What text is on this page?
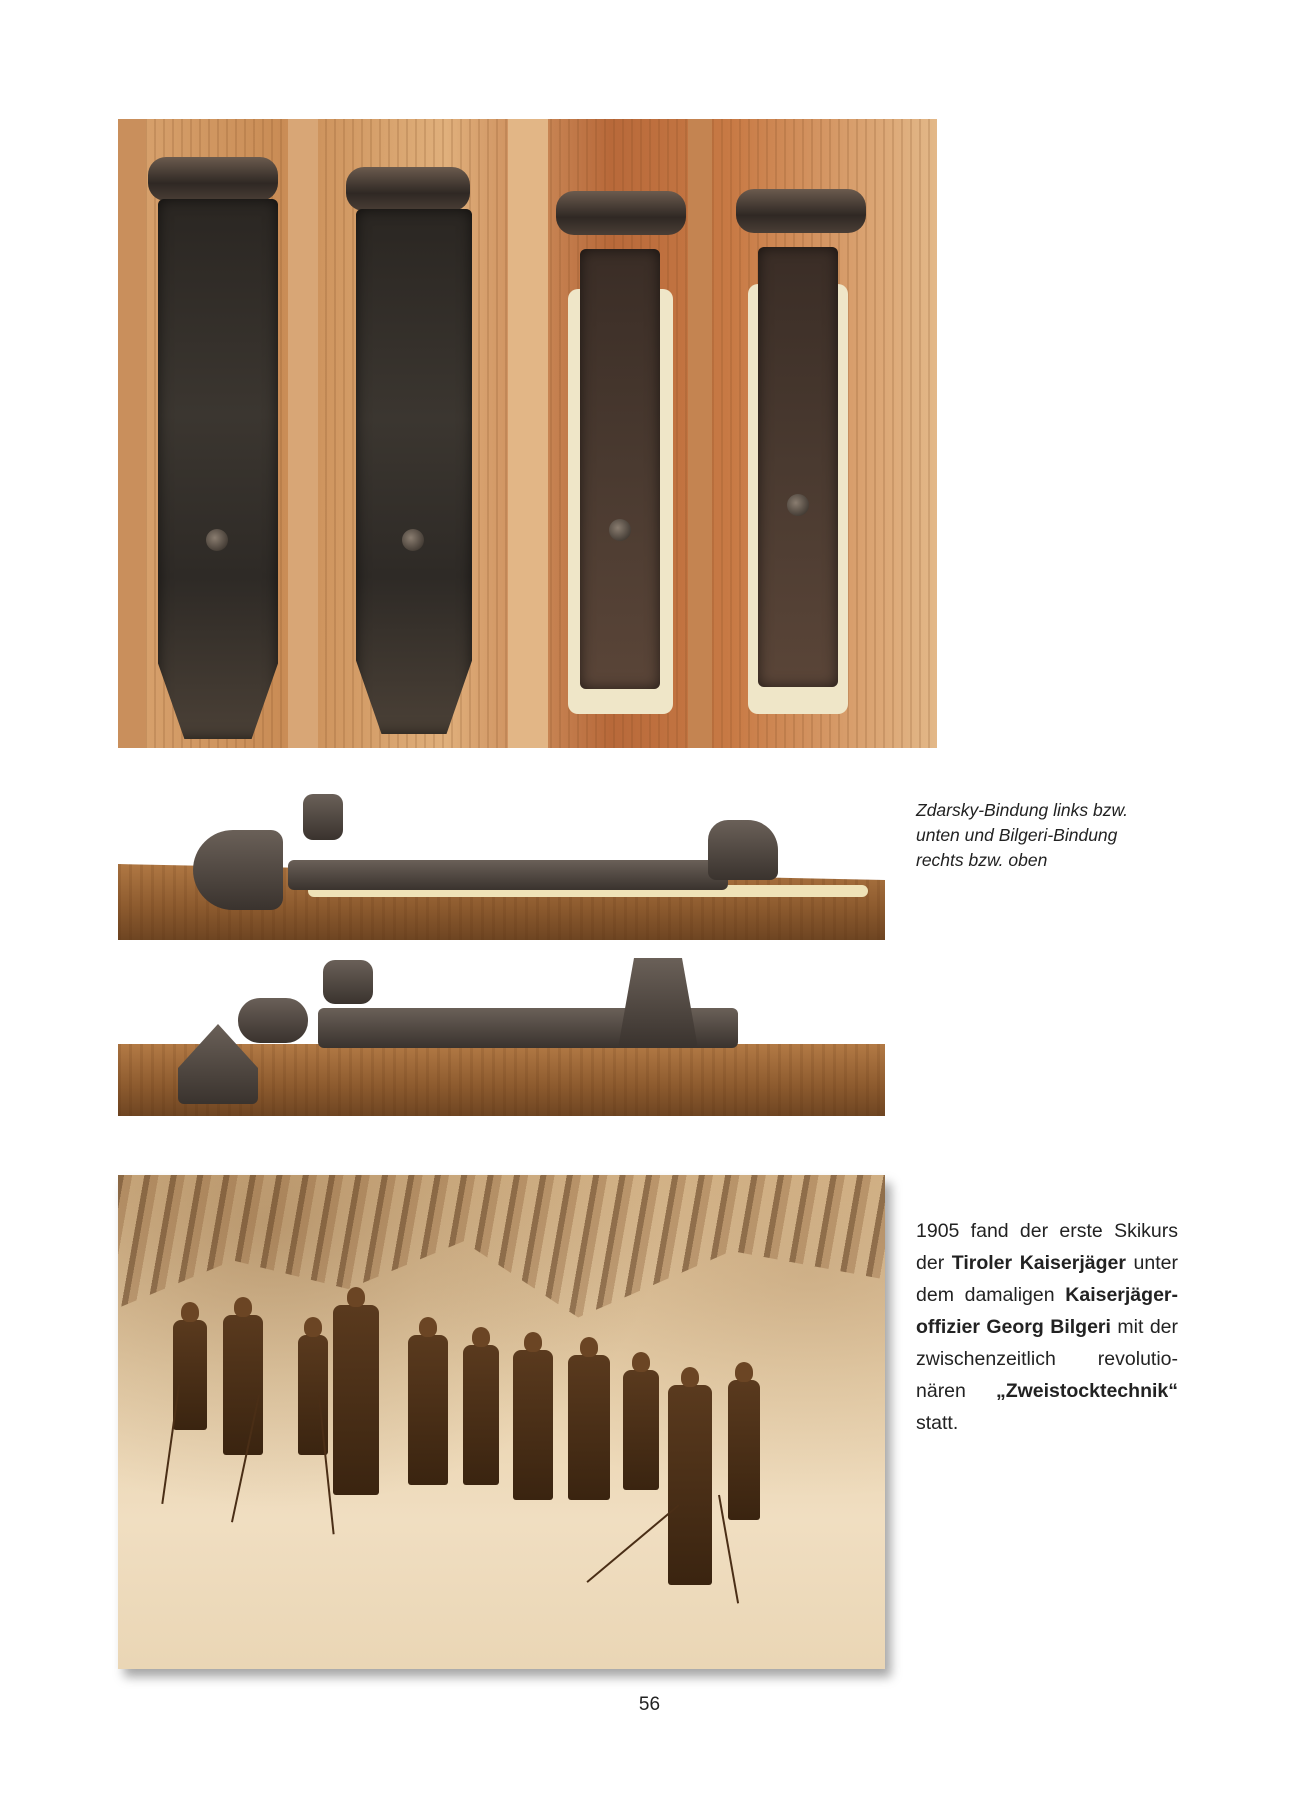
Zdarsky-Bindung links bzw.
unten und Bilgeri-Bindung
rechts bzw. oben
1905 fand der erste Skikurs der Tiroler Kaiserjäger unter dem damaligen Kaiserjäger-offizier Georg Bilgeri mit der zwischenzeitlich revolutio-nären „Zweistocktechnik“ statt.
56
